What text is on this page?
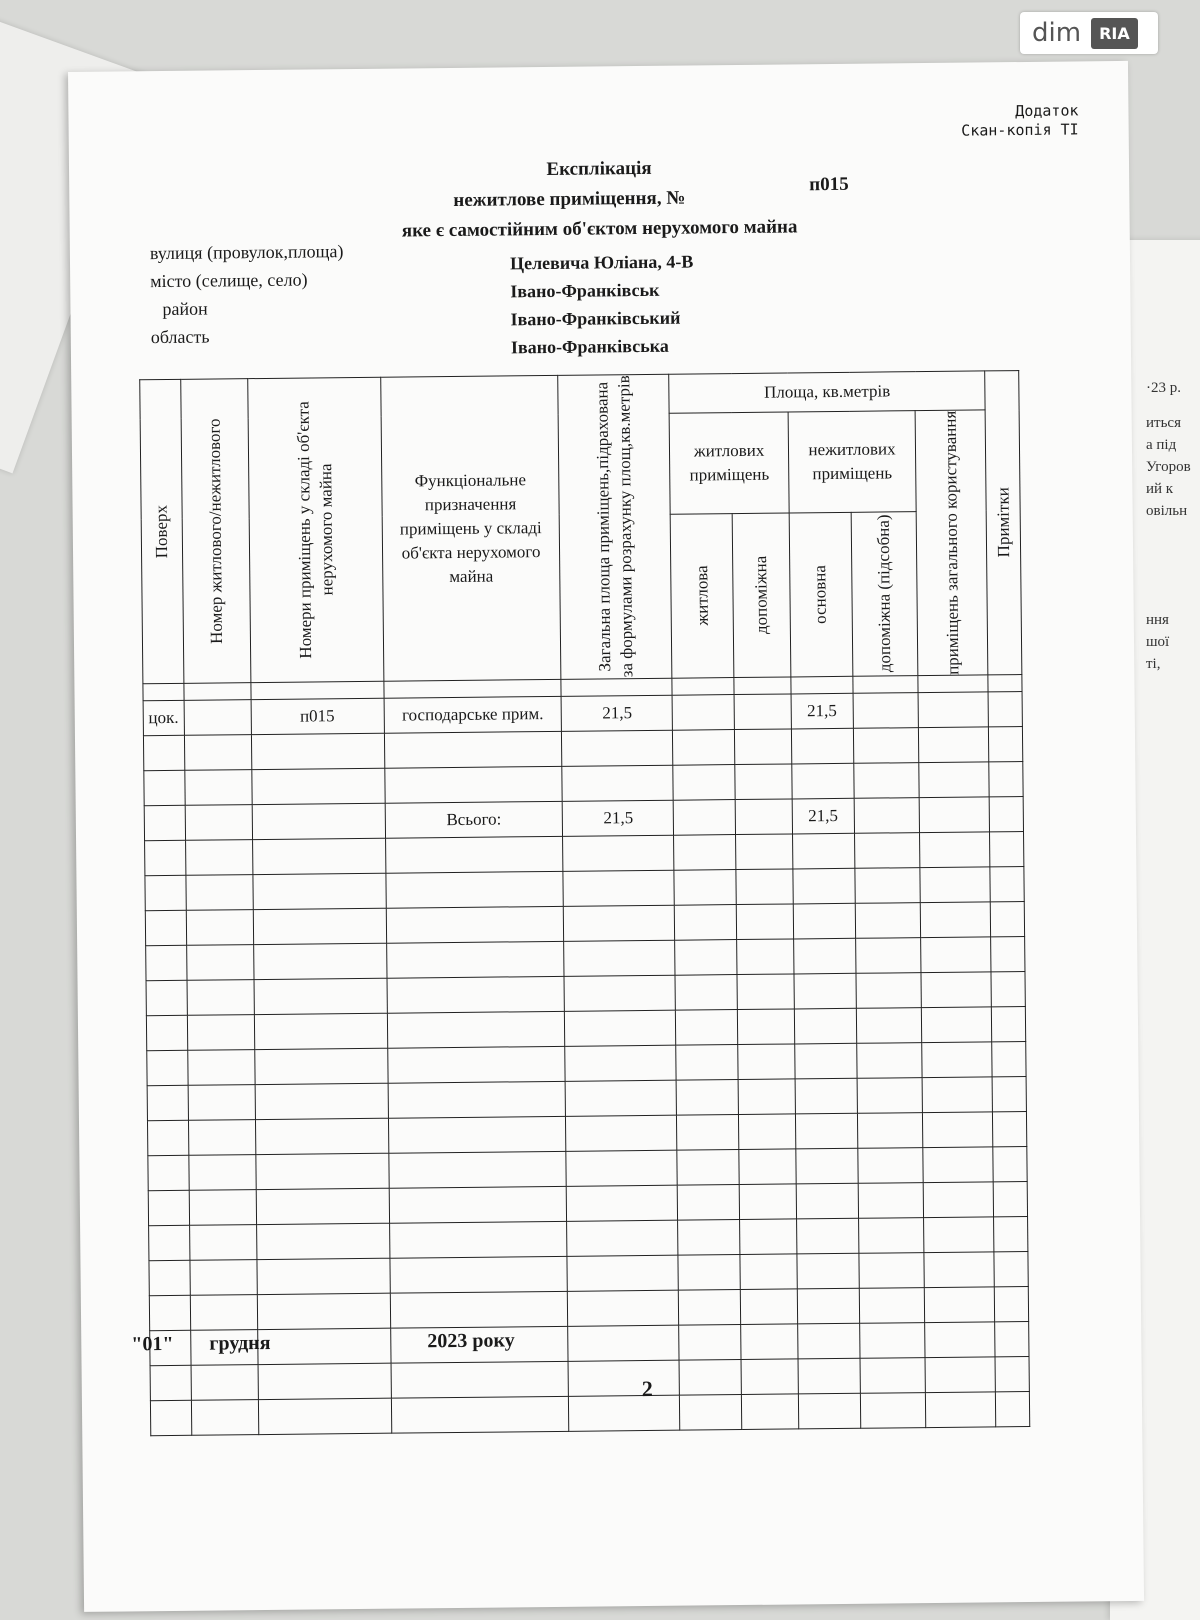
·23 р.
иться
а під
Угоров
ий к
овільн
ння
шої
ті,
dim	RIA
Додаток
Скан-копія ТІ
Експлікація
нежитлове приміщення, №
яке є самостійним об'єктом нерухомого майна
п015
вулиця (провулок,площа)	Целевича Юліана, 4-В
місто (селище, село)	Івано-Франківськ
район	Івано-Франківський
область	Івано-Франківська
Поверх	Номер житлового/нежитлового	Номери приміщень у складі об'єкта нерухомого майна	Функціональне призначення приміщень у складі об'єкта нерухомого майна	Загальна площа приміщень,підрахована за формулами розрахунку площ,кв.метрів	Площа, кв.метрів					Примітки

					житлових приміщень		нежитлових приміщень		приміщень загального користування	

					житлова	допоміжна	основна	допоміжна (підсобна)		

цок.		п015	господарське прим.	21,5			21,5			

			Всього:	21,5			21,5			

"01" грудня	2023 року
2
